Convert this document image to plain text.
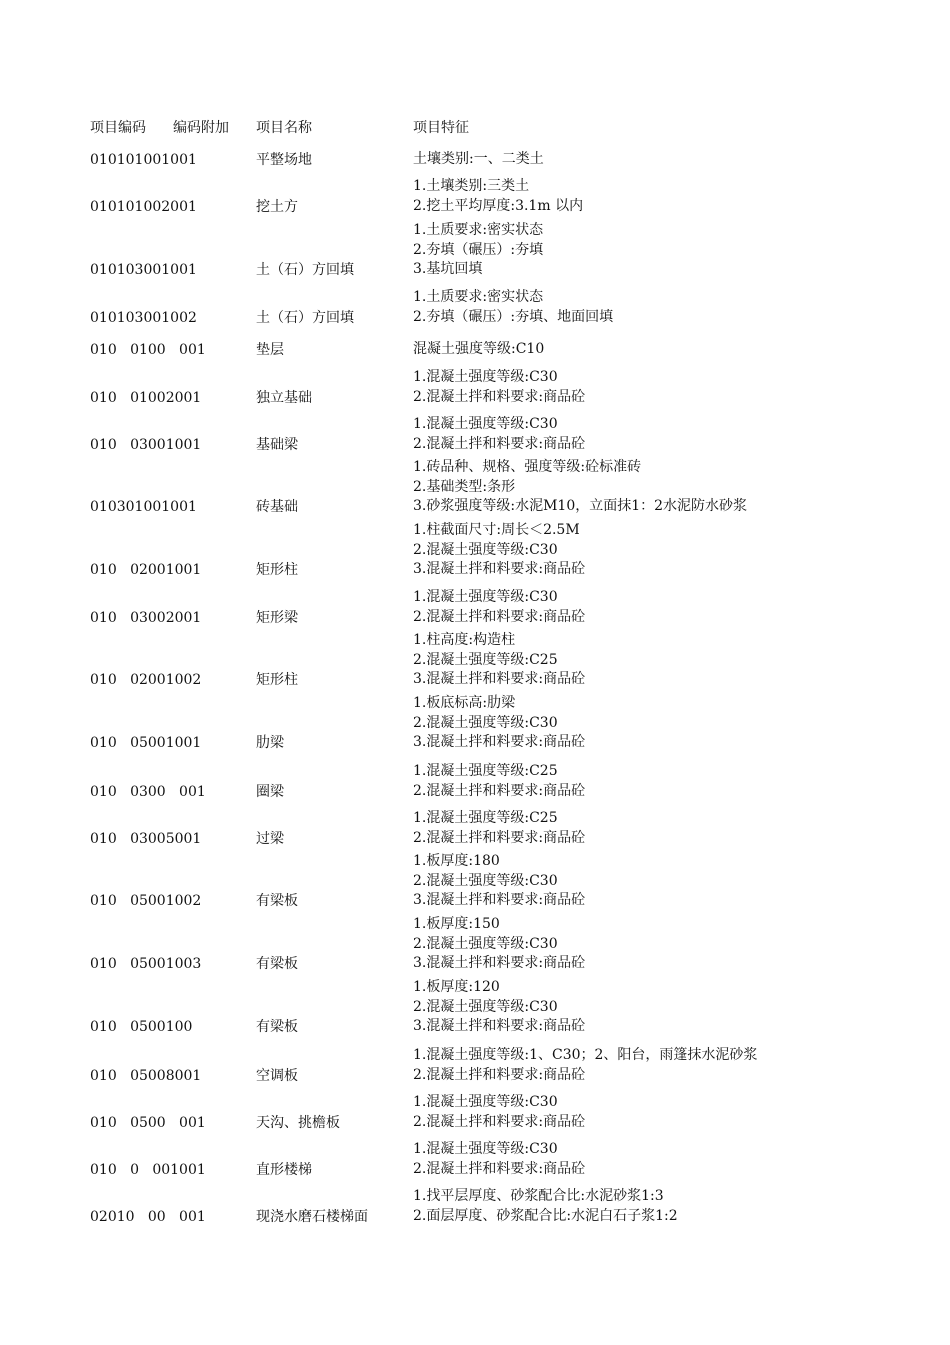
项目编码 编码附加 项目名称	项目特征
010101001001	平整场地	土壤类别:一、二类土
010101002001	挖土方
1.土壤类别:三类土
2.挖土平均厚度:3.1m 以内
010103001001	土（石）方回填
1.土质要求:密实状态
2.夯填（碾压）:夯填
3.基坑回填
010103001002	土（石）方回填
1.土质要求:密实状态
2.夯填（碾压）:夯填、地面回填
010   0100   001	垫层	混凝土强度等级:C10
010   01002001	独立基础
1.混凝土强度等级:C30
2.混凝土拌和料要求:商品砼
010   03001001	基础梁
1.混凝土强度等级:C30
2.混凝土拌和料要求:商品砼
010301001001	砖基础
1.砖品种、规格、强度等级:砼标准砖
2.基础类型:条形
3.砂浆强度等级:水泥M10，立面抹1：2水泥防水砂浆
010   02001001	矩形柱
1.柱截面尺寸:周长＜2.5M
2.混凝土强度等级:C30
3.混凝土拌和料要求:商品砼
010   03002001	矩形梁
1.混凝土强度等级:C30
2.混凝土拌和料要求:商品砼
010   02001002	矩形柱
1.柱高度:构造柱
2.混凝土强度等级:C25
3.混凝土拌和料要求:商品砼
010   05001001	肋梁
1.板底标高:肋梁
2.混凝土强度等级:C30
3.混凝土拌和料要求:商品砼
010   0300   001	圈梁
1.混凝土强度等级:C25
2.混凝土拌和料要求:商品砼
010   03005001	过梁
1.混凝土强度等级:C25
2.混凝土拌和料要求:商品砼
010   05001002	有梁板
1.板厚度:180
2.混凝土强度等级:C30
3.混凝土拌和料要求:商品砼
010   05001003	有梁板
1.板厚度:150
2.混凝土强度等级:C30
3.混凝土拌和料要求:商品砼
010   0500100	有梁板
1.板厚度:120
2.混凝土强度等级:C30
3.混凝土拌和料要求:商品砼
010   05008001	空调板
1.混凝土强度等级:1、C30；2、阳台，雨篷抹水泥砂浆
2.混凝土拌和料要求:商品砼
010   0500   001	天沟、挑檐板
1.混凝土强度等级:C30
2.混凝土拌和料要求:商品砼
010   0   001001	直形楼梯
1.混凝土强度等级:C30
2.混凝土拌和料要求:商品砼
02010   00   001	现浇水磨石楼梯面
1.找平层厚度、砂浆配合比:水泥砂浆1:3
2.面层厚度、砂浆配合比:水泥白石子浆1:2
